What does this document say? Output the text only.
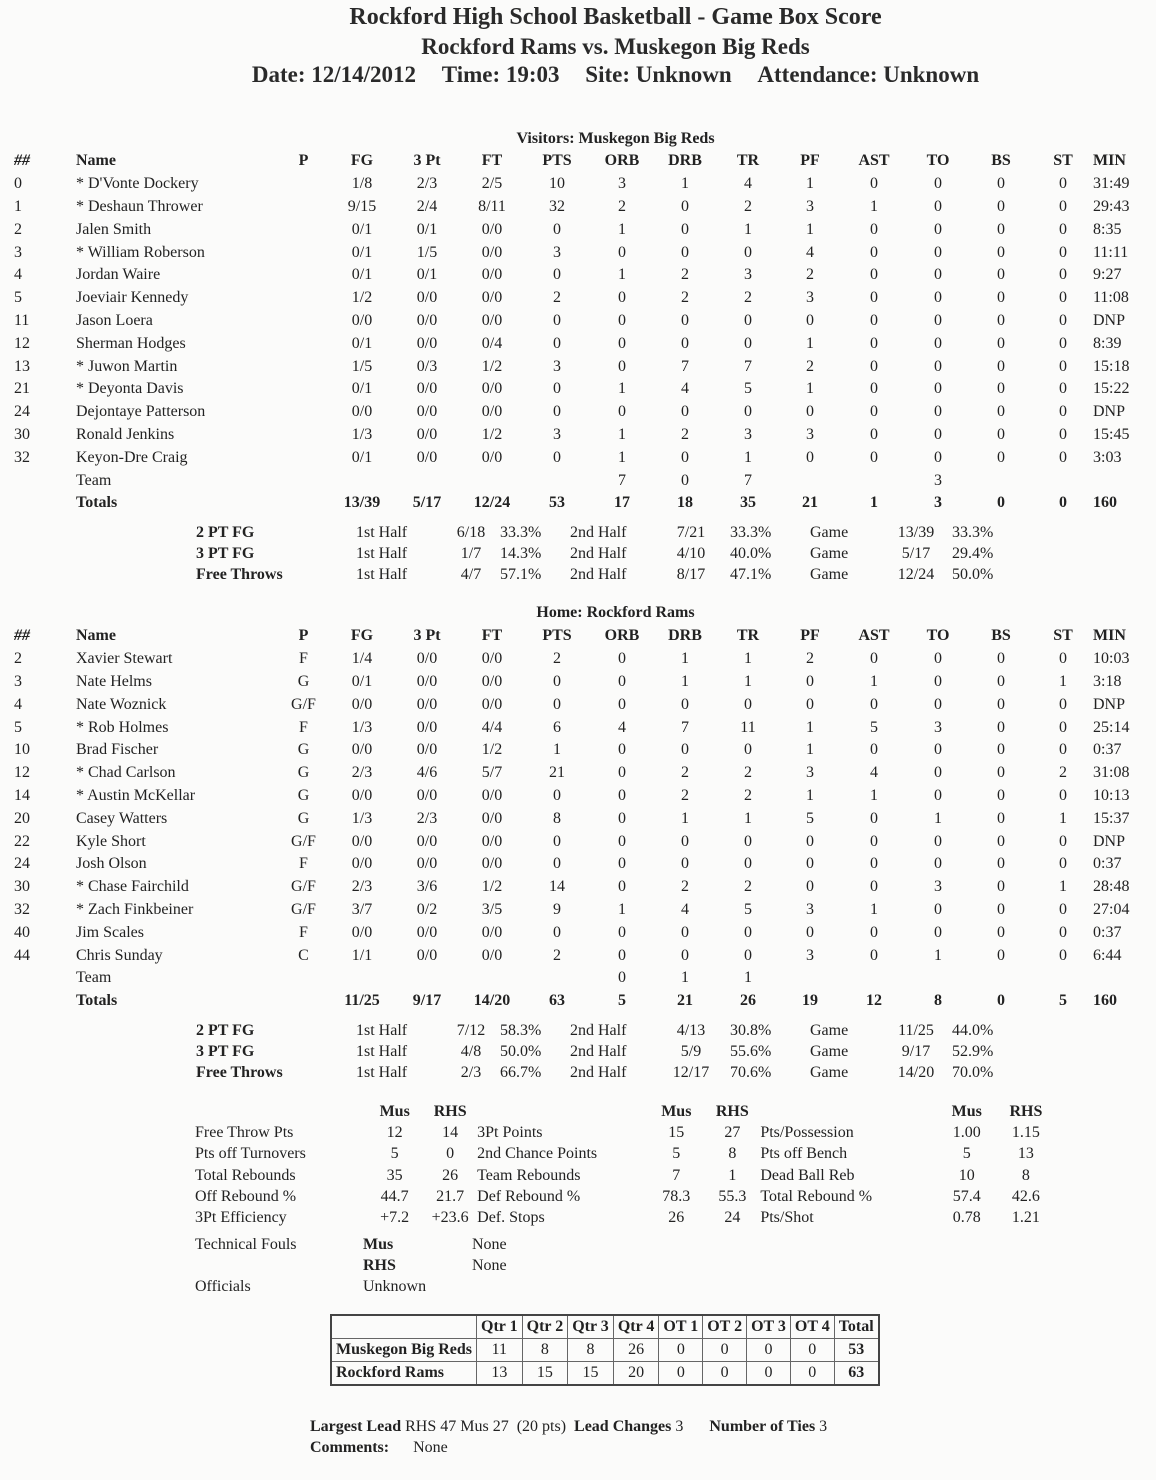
Rockford High School Basketball - Game Box Score
Rockford Rams vs. Muskegon Big Reds
Date: 12/14/2012 Time: 19:03 Site: Unknown Attendance: Unknown
Visitors: Muskegon Big Reds
##	Name	P	FG	3 Pt	FT	PTS	ORB	DRB	TR	PF	AST	TO	BS	ST	MIN
0	* D'Vonte Dockery		1/8	2/3	2/5	10	3	1	4	1	0	0	0	0	31:49
1	* Deshaun Thrower		9/15	2/4	8/11	32	2	0	2	3	1	0	0	0	29:43
2	Jalen Smith		0/1	0/1	0/0	0	1	0	1	1	0	0	0	0	8:35
3	* William Roberson		0/1	1/5	0/0	3	0	0	0	4	0	0	0	0	11:11
4	Jordan Waire		0/1	0/1	0/0	0	1	2	3	2	0	0	0	0	9:27
5	Joeviair Kennedy		1/2	0/0	0/0	2	0	2	2	3	0	0	0	0	11:08
11	Jason Loera		0/0	0/0	0/0	0	0	0	0	0	0	0	0	0	DNP
12	Sherman Hodges		0/1	0/0	0/4	0	0	0	0	1	0	0	0	0	8:39
13	* Juwon Martin		1/5	0/3	1/2	3	0	7	7	2	0	0	0	0	15:18
21	* Deyonta Davis		0/1	0/0	0/0	0	1	4	5	1	0	0	0	0	15:22
24	Dejontaye Patterson		0/0	0/0	0/0	0	0	0	0	0	0	0	0	0	DNP
30	Ronald Jenkins		1/3	0/0	1/2	3	1	2	3	3	0	0	0	0	15:45
32	Keyon-Dre Craig		0/1	0/0	0/0	0	1	0	1	0	0	0	0	0	3:03
	Team						7	0	7			3			
	Totals		13/39	5/17	12/24	53	17	18	35	21	1	3	0	0	160
2 PT FG	1st Half	6/18	33.3%	2nd Half	7/21	33.3%	Game	13/39	33.3%
3 PT FG	1st Half	1/7	14.3%	2nd Half	4/10	40.0%	Game	5/17	29.4%
Free Throws	1st Half	4/7	57.1%	2nd Half	8/17	47.1%	Game	12/24	50.0%
Home: Rockford Rams
##	Name	P	FG	3 Pt	FT	PTS	ORB	DRB	TR	PF	AST	TO	BS	ST	MIN
2	Xavier Stewart	F	1/4	0/0	0/0	2	0	1	1	2	0	0	0	0	10:03
3	Nate Helms	G	0/1	0/0	0/0	0	0	1	1	0	1	0	0	1	3:18
4	Nate Woznick	G/F	0/0	0/0	0/0	0	0	0	0	0	0	0	0	0	DNP
5	* Rob Holmes	F	1/3	0/0	4/4	6	4	7	11	1	5	3	0	0	25:14
10	Brad Fischer	G	0/0	0/0	1/2	1	0	0	0	1	0	0	0	0	0:37
12	* Chad Carlson	G	2/3	4/6	5/7	21	0	2	2	3	4	0	0	2	31:08
14	* Austin McKellar	G	0/0	0/0	0/0	0	0	2	2	1	1	0	0	0	10:13
20	Casey Watters	G	1/3	2/3	0/0	8	0	1	1	5	0	1	0	1	15:37
22	Kyle Short	G/F	0/0	0/0	0/0	0	0	0	0	0	0	0	0	0	DNP
24	Josh Olson	F	0/0	0/0	0/0	0	0	0	0	0	0	0	0	0	0:37
30	* Chase Fairchild	G/F	2/3	3/6	1/2	14	0	2	2	0	0	3	0	1	28:48
32	* Zach Finkbeiner	G/F	3/7	0/2	3/5	9	1	4	5	3	1	0	0	0	27:04
40	Jim Scales	F	0/0	0/0	0/0	0	0	0	0	0	0	0	0	0	0:37
44	Chris Sunday	C	1/1	0/0	0/0	2	0	0	0	3	0	1	0	0	6:44
	Team						0	1	1						
	Totals		11/25	9/17	14/20	63	5	21	26	19	12	8	0	5	160
2 PT FG	1st Half	7/12	58.3%	2nd Half	4/13	30.8%	Game	11/25	44.0%
3 PT FG	1st Half	4/8	50.0%	2nd Half	5/9	55.6%	Game	9/17	52.9%
Free Throws	1st Half	2/3	66.7%	2nd Half	12/17	70.6%	Game	14/20	70.0%
	Mus	RHS		Mus	RHS		Mus	RHS
Free Throw Pts	12	14	3Pt Points	15	27	Pts/Possession	1.00	1.15
Pts off Turnovers	5	0	2nd Chance Points	5	8	Pts off Bench	5	13
Total Rebounds	35	26	Team Rebounds	7	1	Dead Ball Reb	10	8
Off Rebound %	44.7	21.7	Def Rebound %	78.3	55.3	Total Rebound %	57.4	42.6
3Pt Efficiency	+7.2	+23.6	Def. Stops	26	24	Pts/Shot	0.78	1.21
Technical Fouls	Mus	None
RHS	None
Officials	Unknown
	Qtr 1	Qtr 2	Qtr 3	Qtr 4	OT 1	OT 2	OT 3	OT 4	Total
Muskegon Big Reds	11	8	8	26	0	0	0	0	53
Rockford Rams	13	15	15	20	0	0	0	0	63
Largest Lead RHS 47 Mus 27  (20 pts) Lead Changes 3 Number of Ties 3
Comments: None
